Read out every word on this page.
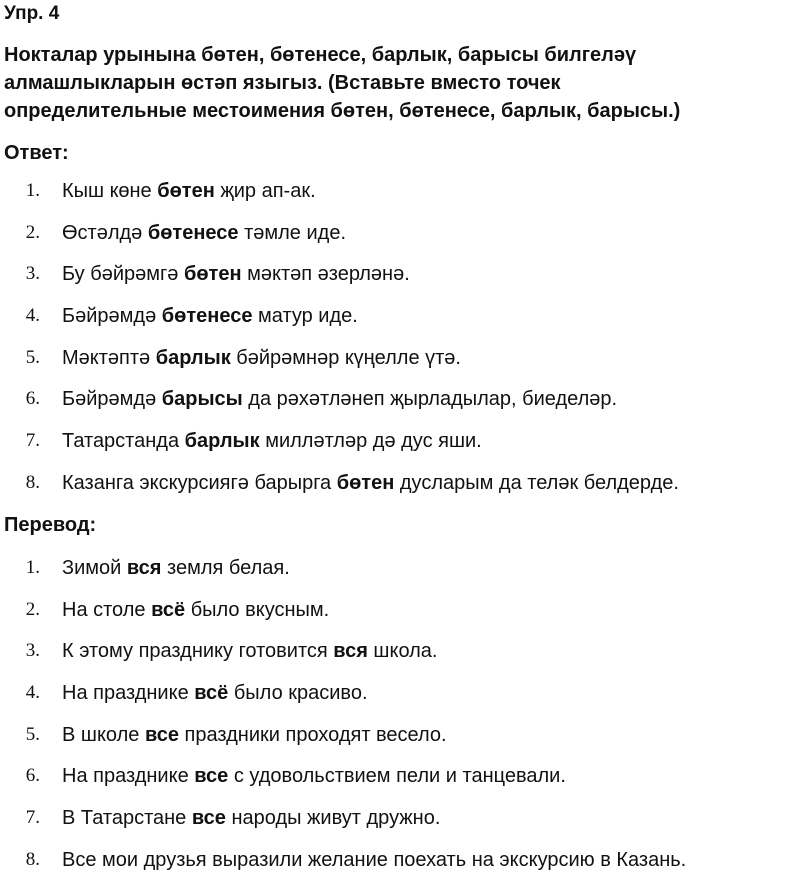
Упр. 4
Нокталар урынына бөтен, бөтенесе, барлык, барысы билгеләү
алмашлыкларын өстәп языгыз. (Вставьте вместо точек
определительные местоимения бөтен, бөтенесе, барлык, барысы.)
Ответ:
1. Кыш көне бөтен җир ап-ак.
2. Өстәлдә бөтенесе тәмле иде.
3. Бу бәйрәмгә бөтен мәктәп әзерләнә.
4. Бәйрәмдә бөтенесе матур иде.
5. Мәктәптә барлык бәйрәмнәр күңелле үтә.
6. Бәйрәмдә барысы да рәхәтләнеп җырладылар, биеделәр.
7. Татарстанда барлык милләтләр дә дус яши.
8. Казанга экскурсиягә барырга бөтен дусларым да теләк белдерде.
Перевод:
1. Зимой вся земля белая.
2. На столе всё было вкусным.
3. К этому празднику готовится вся школа.
4. На празднике всё было красиво.
5. В школе все праздники проходят весело.
6. На празднике все с удовольствием пели и танцевали.
7. В Татарстане все народы живут дружно.
8. Все мои друзья выразили желание поехать на экскурсию в Казань.
